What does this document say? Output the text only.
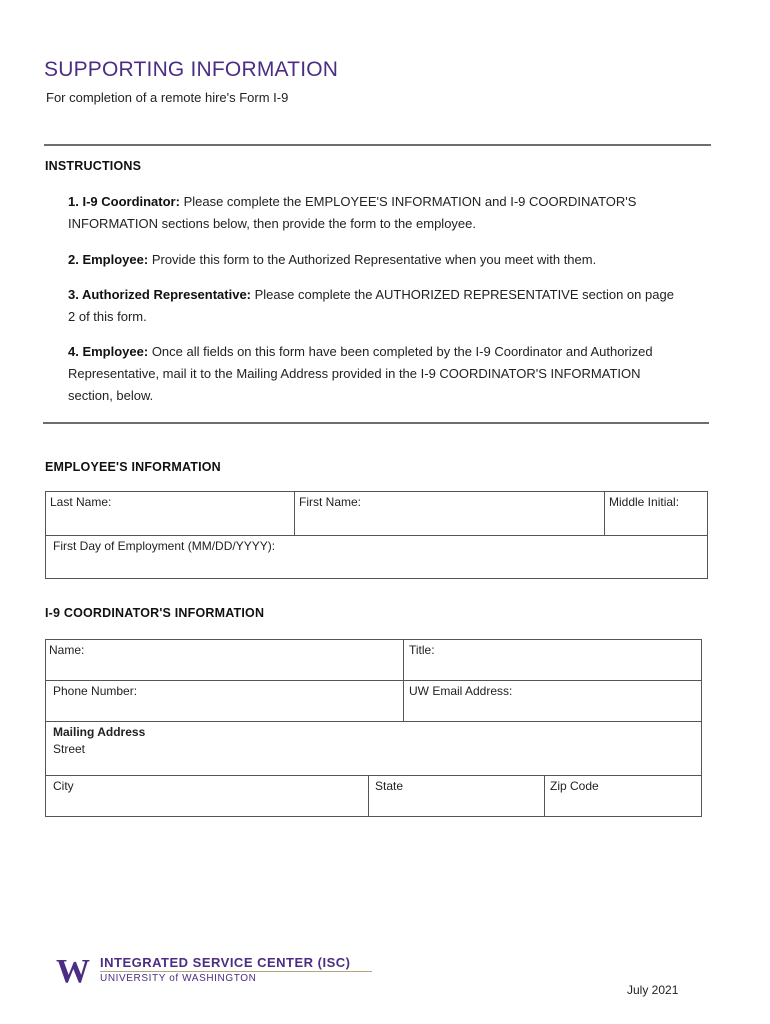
SUPPORTING INFORMATION
For completion of a remote hire's Form I-9
INSTRUCTIONS
1. I-9 Coordinator: Please complete the EMPLOYEE'S INFORMATION and I-9 COORDINATOR'S INFORMATION sections below, then provide the form to the employee.
2. Employee: Provide this form to the Authorized Representative when you meet with them.
3. Authorized Representative: Please complete the AUTHORIZED REPRESENTATIVE section on page 2 of this form.
4. Employee: Once all fields on this form have been completed by the I-9 Coordinator and Authorized Representative, mail it to the Mailing Address provided in the I-9 COORDINATOR'S INFORMATION section, below.
EMPLOYEE'S INFORMATION
Last Name:	First Name:	Middle Initial:
First Day of Employment (MM/DD/YYYY):
I-9 COORDINATOR'S INFORMATION
Name:	Title:
Phone Number:	UW Email Address:
Mailing Address
Street
City	State	Zip Code
W INTEGRATED SERVICE CENTER (ISC)
UNIVERSITY of WASHINGTON
July 2021
